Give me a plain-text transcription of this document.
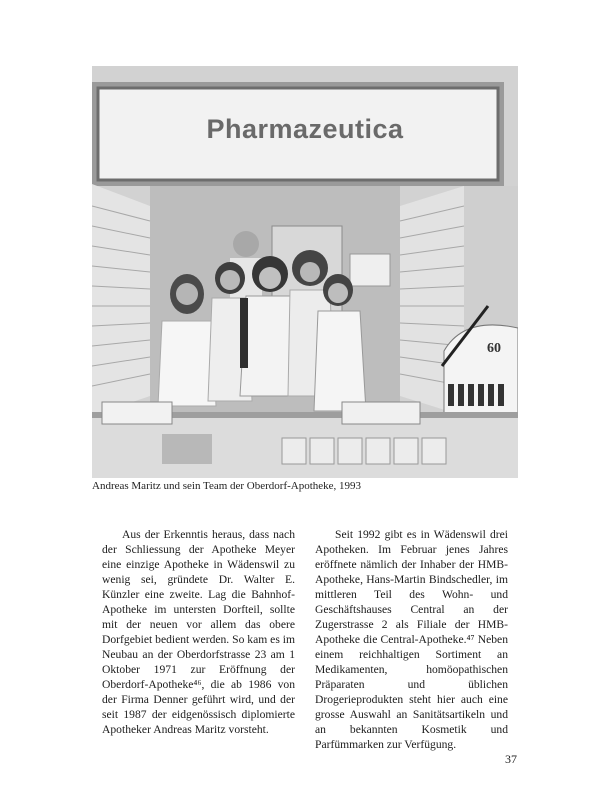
60
Pharmazeutica
Andreas Maritz und sein Team der Oberdorf-Apotheke, 1993

Aus der Erkenntis heraus, dass nach der Schliessung der Apotheke Meyer eine einzige Apotheke in Wädenswil zu wenig sei, gründete Dr. Walter E. Künzler eine zweite. Lag die Bahnhof-Apotheke im untersten Dorfteil, sollte mit der neuen vor allem das obere Dorfgebiet bedient werden. So kam es im Neubau an der Oberdorfstrasse 23 am 1 Oktober 1971 zur Eröffnung der Oberdorf-Apotheke⁴⁶, die ab 1986 von der Firma Denner geführt wird, und der seit 1987 der eidgenössisch diplomierte Apotheker Andreas Maritz vorsteht.

Seit 1992 gibt es in Wädenswil drei Apotheken. Im Februar jenes Jahres eröffnete nämlich der Inhaber der HMB-Apotheke, Hans-Martin Bindschedler, im mittleren Teil des Wohn- und Geschäftshauses Central an der Zugerstrasse 2 als Filiale der HMB-Apotheke die Central-Apotheke.⁴⁷ Neben einem reichhaltigen Sortiment an Medikamenten, homöopathischen Präparaten und üblichen Drogerieprodukten steht hier auch eine grosse Auswahl an Sanitätsartikeln und an bekannten Kosmetik und Parfümmarken zur Verfügung.

37
